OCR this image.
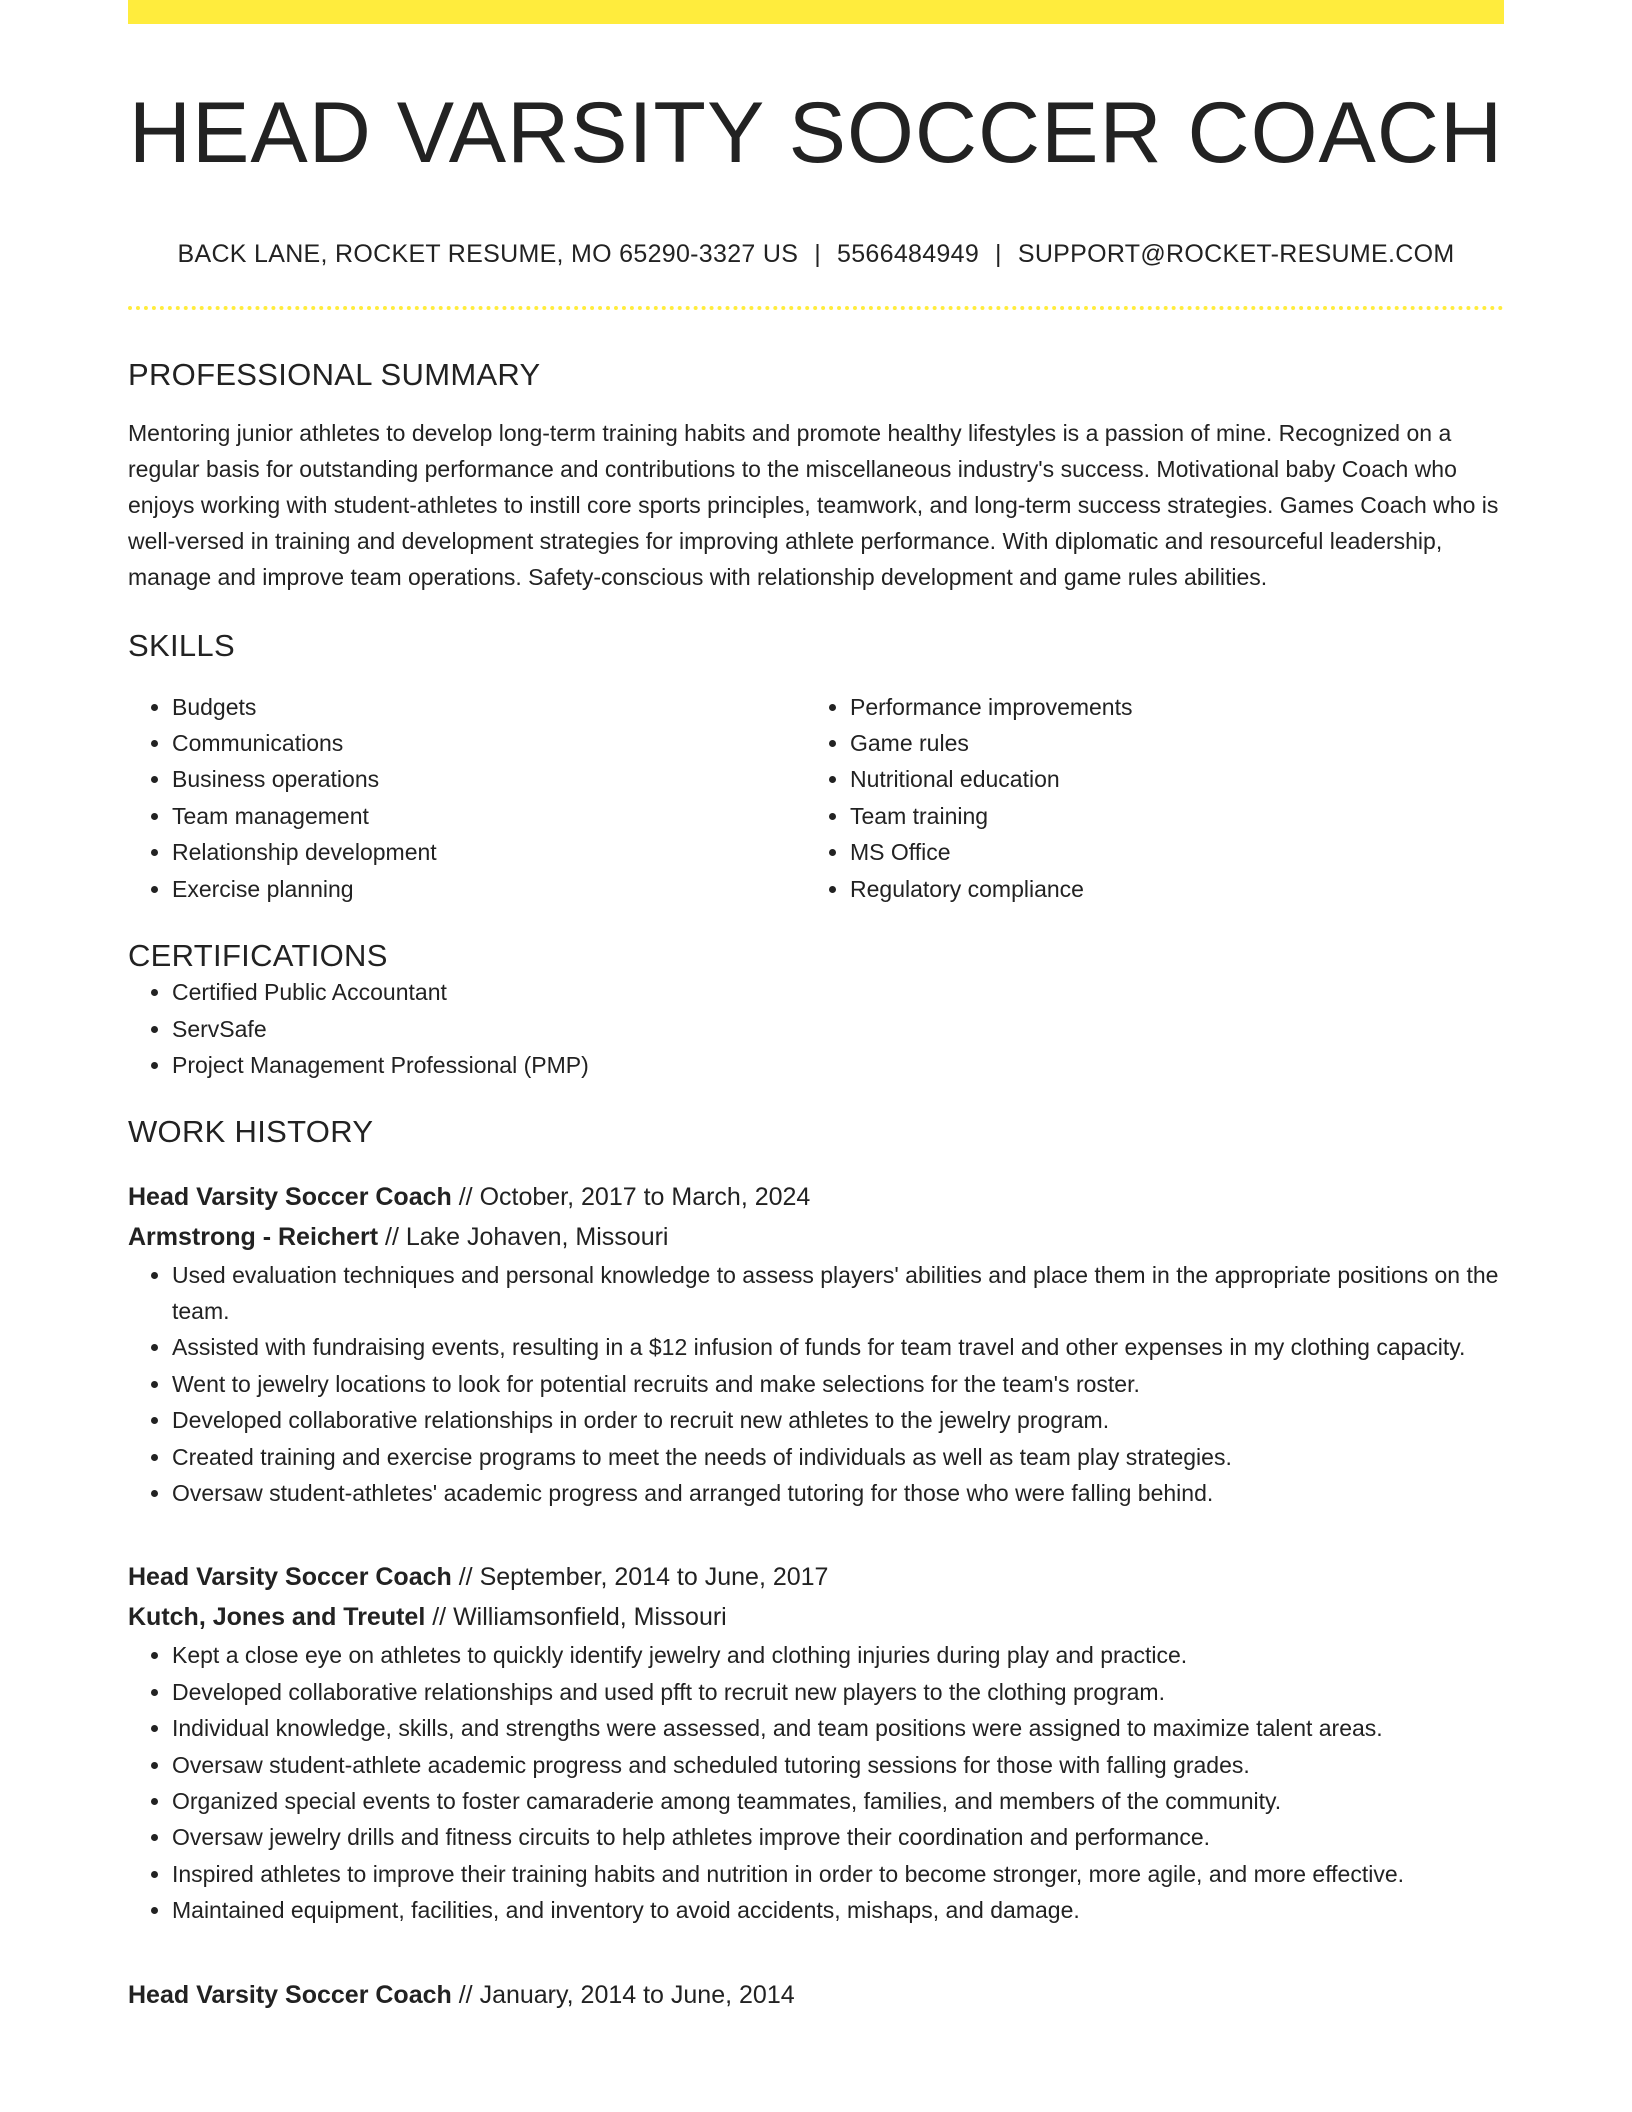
HEAD VARSITY SOCCER COACH
BACK LANE, ROCKET RESUME, MO 65290-3327 US | 5566484949 | SUPPORT@ROCKET-RESUME.COM
PROFESSIONAL SUMMARY

Mentoring junior athletes to develop long-term training habits and promote healthy lifestyles is a passion of mine. Recognized on a regular basis for outstanding performance and contributions to the miscellaneous industry's success. Motivational baby Coach who enjoys working with student-athletes to instill core sports principles, teamwork, and long-term success strategies. Games Coach who is well-versed in training and development strategies for improving athlete performance. With diplomatic and resourceful leadership, manage and improve team operations. Safety-conscious with relationship development and game rules abilities.

SKILLS
• Budgets
• Communications
• Business operations
• Team management
• Relationship development
• Exercise planning
• Performance improvements
• Game rules
• Nutritional education
• Team training
• MS Office
• Regulatory compliance
CERTIFICATIONS
• Certified Public Accountant
• ServSafe
• Project Management Professional (PMP)
WORK HISTORY
Head Varsity Soccer Coach // October, 2017 to March, 2024
Armstrong - Reichert // Lake Johaven, Missouri
• Used evaluation techniques and personal knowledge to assess players' abilities and place them in the appropriate positions on the team.
• Assisted with fundraising events, resulting in a $12 infusion of funds for team travel and other expenses in my clothing capacity.
• Went to jewelry locations to look for potential recruits and make selections for the team's roster.
• Developed collaborative relationships in order to recruit new athletes to the jewelry program.
• Created training and exercise programs to meet the needs of individuals as well as team play strategies.
• Oversaw student-athletes' academic progress and arranged tutoring for those who were falling behind.
Head Varsity Soccer Coach // September, 2014 to June, 2017
Kutch, Jones and Treutel // Williamsonfield, Missouri
• Kept a close eye on athletes to quickly identify jewelry and clothing injuries during play and practice.
• Developed collaborative relationships and used pfft to recruit new players to the clothing program.
• Individual knowledge, skills, and strengths were assessed, and team positions were assigned to maximize talent areas.
• Oversaw student-athlete academic progress and scheduled tutoring sessions for those with falling grades.
• Organized special events to foster camaraderie among teammates, families, and members of the community.
• Oversaw jewelry drills and fitness circuits to help athletes improve their coordination and performance.
• Inspired athletes to improve their training habits and nutrition in order to become stronger, more agile, and more effective.
• Maintained equipment, facilities, and inventory to avoid accidents, mishaps, and damage.
Head Varsity Soccer Coach // January, 2014 to June, 2014
